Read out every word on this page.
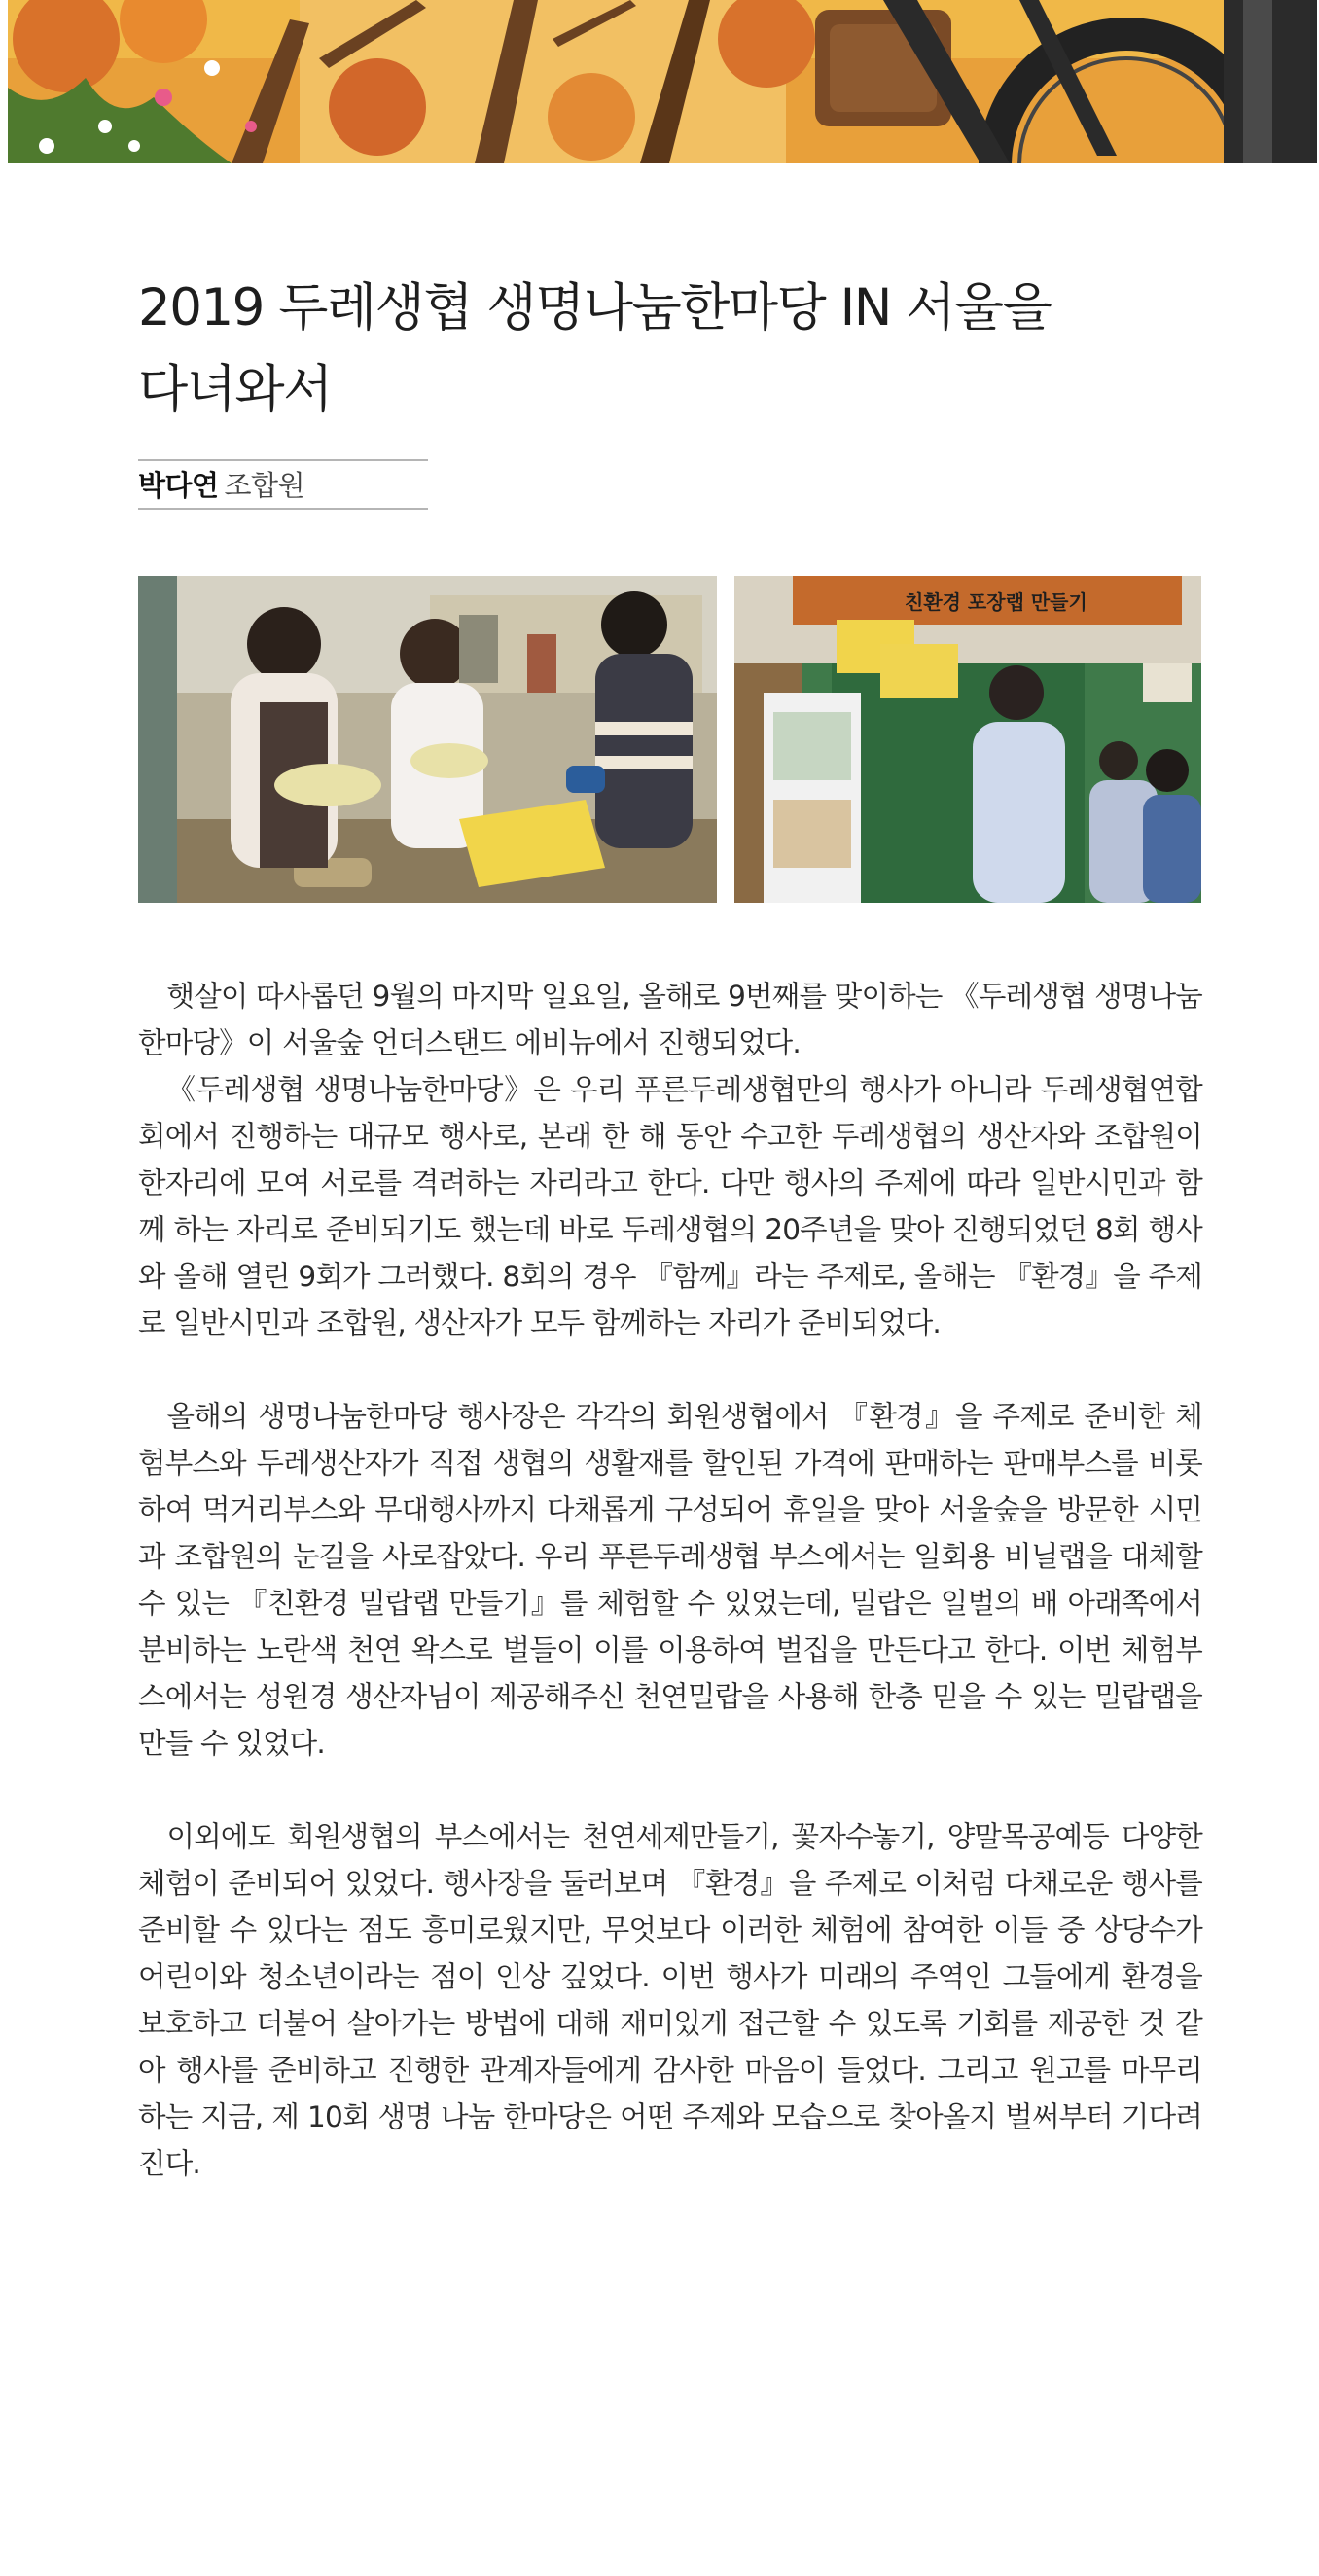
2019 두레생협 생명나눔한마당 IN 서울을
다녀와서
박다연 조합원
친환경 포장랩 만들기

햇살이 따사롭던 9월의 마지막 일요일, 올해로 9번째를 맞이하는 《두레생협 생명나눔한마당》이 서울숲 언더스탠드 에비뉴에서 진행되었다.

《두레생협 생명나눔한마당》은 우리 푸른두레생협만의 행사가 아니라 두레생협연합회에서 진행하는 대규모 행사로, 본래 한 해 동안 수고한 두레생협의 생산자와 조합원이 한자리에 모여 서로를 격려하는 자리라고 한다. 다만 행사의 주제에 따라 일반시민과 함께 하는 자리로 준비되기도 했는데 바로 두레생협의 20주년을 맞아 진행되었던 8회 행사와 올해 열린 9회가 그러했다. 8회의 경우 『함께』라는 주제로, 올해는 『환경』을 주제로 일반시민과 조합원, 생산자가 모두 함께하는 자리가 준비되었다.

올해의 생명나눔한마당 행사장은 각각의 회원생협에서 『환경』을 주제로 준비한 체험부스와 두레생산자가 직접 생협의 생활재를 할인된 가격에 판매하는 판매부스를 비롯하여 먹거리부스와 무대행사까지 다채롭게 구성되어 휴일을 맞아 서울숲을 방문한 시민과 조합원의 눈길을 사로잡았다. 우리 푸른두레생협 부스에서는 일회용 비닐랩을 대체할 수 있는 『친환경 밀랍랩 만들기』를 체험할 수 있었는데, 밀랍은 일벌의 배 아래쪽에서 분비하는 노란색 천연 왁스로 벌들이 이를 이용하여 벌집을 만든다고 한다. 이번 체험부스에서는 성원경 생산자님이 제공해주신 천연밀랍을 사용해 한층 믿을 수 있는 밀랍랩을 만들 수 있었다.

이외에도 회원생협의 부스에서는 천연세제만들기, 꽃자수놓기, 양말목공예등 다양한 체험이 준비되어 있었다. 행사장을 둘러보며 『환경』을 주제로 이처럼 다채로운 행사를 준비할 수 있다는 점도 흥미로웠지만, 무엇보다 이러한 체험에 참여한 이들 중 상당수가 어린이와 청소년이라는 점이 인상 깊었다. 이번 행사가 미래의 주역인 그들에게 환경을 보호하고 더불어 살아가는 방법에 대해 재미있게 접근할 수 있도록 기회를 제공한 것 같아 행사를 준비하고 진행한 관계자들에게 감사한 마음이 들었다. 그리고 원고를 마무리 하는 지금, 제 10회 생명 나눔 한마당은 어떤 주제와 모습으로 찾아올지 벌써부터 기다려진다.
